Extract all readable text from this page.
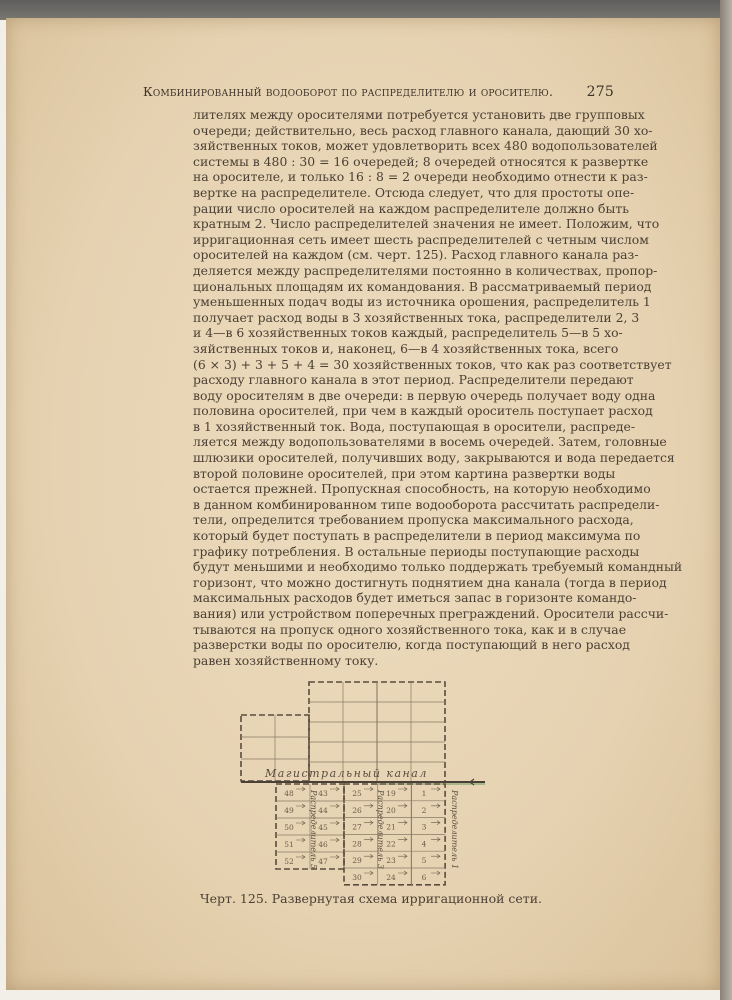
Комбинированный водооборот по распределителю и оросителю. 275
лителях между оросителями потребуется установить две групповых
очереди; действительно, весь расход главного канала, дающий 30 хо-
зяйственных токов, может удовлетворить всех 480 водопользователей
системы в 480 : 30 = 16 очередей; 8 очередей относятся к развертке
на оросителе, и только 16 : 8 = 2 очереди необходимо отнести к раз-
вертке на распределителе. Отсюда следует, что для простоты опе-
рации число оросителей на каждом распределителе должно быть
кратным 2. Число распределителей значения не имеет. Положим, что
ирригационная сеть имеет шесть распределителей с четным числом
оросителей на каждом (см. черт. 125). Расход главного канала раз-
деляется между распределителями постоянно в количествах, пропор-
циональных площадям их командования. В рассматриваемый период
уменьшенных подач воды из источника орошения, распределитель 1
получает расход воды в 3 хозяйственных тока, распределители 2, 3
и 4—в 6 хозяйственных токов каждый, распределитель 5—в 5 хо-
зяйственных токов и, наконец, 6—в 4 хозяйственных тока, всего
(6 × 3) + 3 + 5 + 4 = 30 хозяйственных токов, что как раз соответствует
расходу главного канала в этот период. Распределители передают
воду оросителям в две очереди: в первую очередь получает воду одна
половина оросителей, при чем в каждый ороситель поступает расход
в 1 хозяйственный ток. Вода, поступающая в оросители, распреде-
ляется между водопользователями в восемь очередей. Затем, головные
шлюзики оросителей, получивших воду, закрываются и вода передается
второй половине оросителей, при этом картина развертки воды
остается прежней. Пропускная способность, на которую необходимо
в данном комбинированном типе водооборота рассчитать распредели-
тели, определится требованием пропуска максимального расхода,
который будет поступать в распределители в период максимума по
графику потребления. В остальные периоды поступающие расходы
будут меньшими и необходимо только поддержать требуемый командный
горизонт, что можно достигнуть поднятием дна канала (тогда в период
максимальных расходов будет иметься запас в горизонте командо-
вания) или устройством поперечных преграждений. Оросители рассчи-
тываются на пропуск одного хозяйственного тока, как и в случае
разверстки воды по оросителю, когда поступающий в него расход
равен хозяйственному току.
Магистральный канал
48
49
50
51
52
43
44
45
46
47
25
26
27
28
29
30
19
20
21
22
23
24
1
2
3
4
5
6
Распределитель 5	Распределитель 3	Распределитель 1
Черт. 125. Развернутая схема ирригационной сети.
